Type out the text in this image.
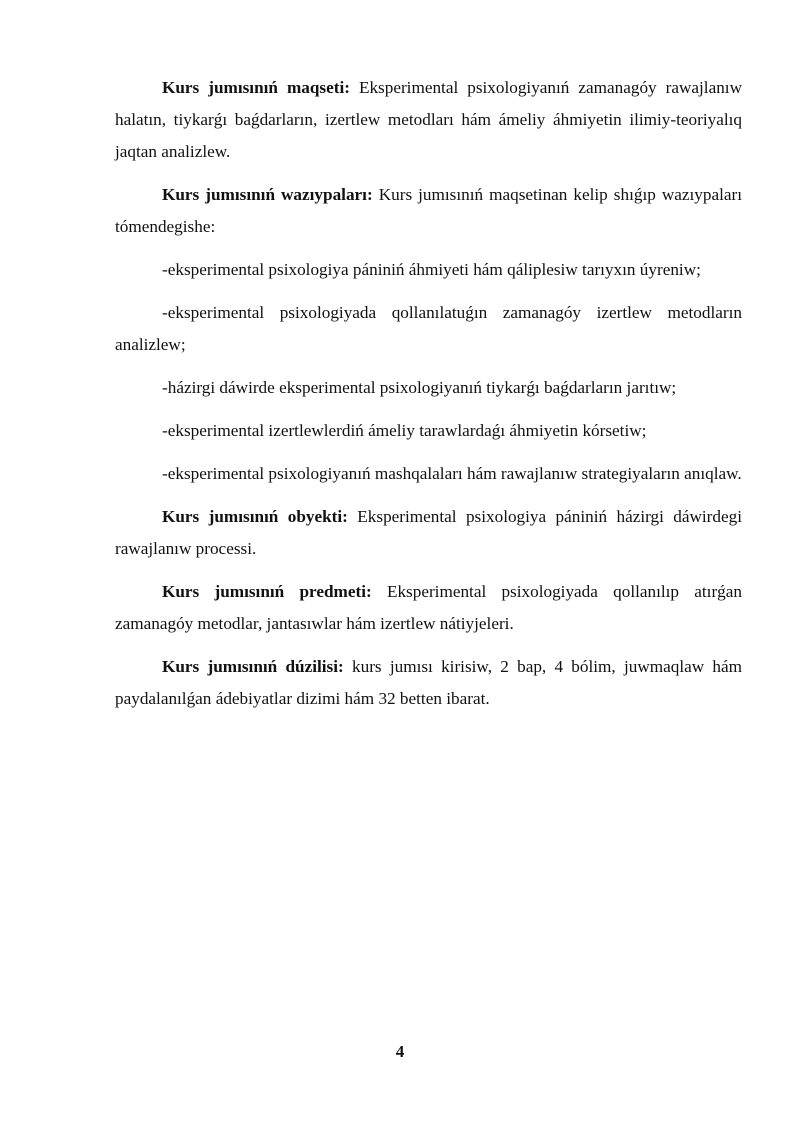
Kurs jumısınıń maqseti: Eksperimental psixologiyanıń zamanagóy rawajlanıw halatın, tiykarǵı baǵdarların, izertlew metodları hám ámeliy áhmiyetin ilimiy-teoriyalıq jaqtan analizlew.

Kurs jumısınıń wazıypaları: Kurs jumısınıń maqsetinan kelip shıǵıp wazıypaları tómendegishe:

-eksperimental psixologiya pániniń áhmiyeti hám qáliplesiw tarıyxın úyreniw;

-eksperimental psixologiyada qollanılatuǵın zamanagóy izertlew metodların analizlew;

-házirgi dáwirde eksperimental psixologiyanıń tiykarǵı baǵdarların jarıtıw;

-eksperimental izertlewlerdiń ámeliy tarawlardaǵı áhmiyetin kórsetiw;

-eksperimental psixologiyanıń mashqalaları hám rawajlanıw strategiyaların anıqlaw.

Kurs jumısınıń obyekti: Eksperimental psixologiya pániniń házirgi dáwirdegi rawajlanıw processi.

Kurs jumısınıń predmeti: Eksperimental psixologiyada qollanılıp atırǵan zamanagóy metodlar, jantasıwlar hám izertlew nátiyjeleri.

Kurs jumısınıń dúzilisi: kurs jumısı kirisiw, 2 bap, 4 bólim, juwmaqlaw hám paydalanılǵan ádebiyatlar dizimi hám 32 betten ibarat.

4
